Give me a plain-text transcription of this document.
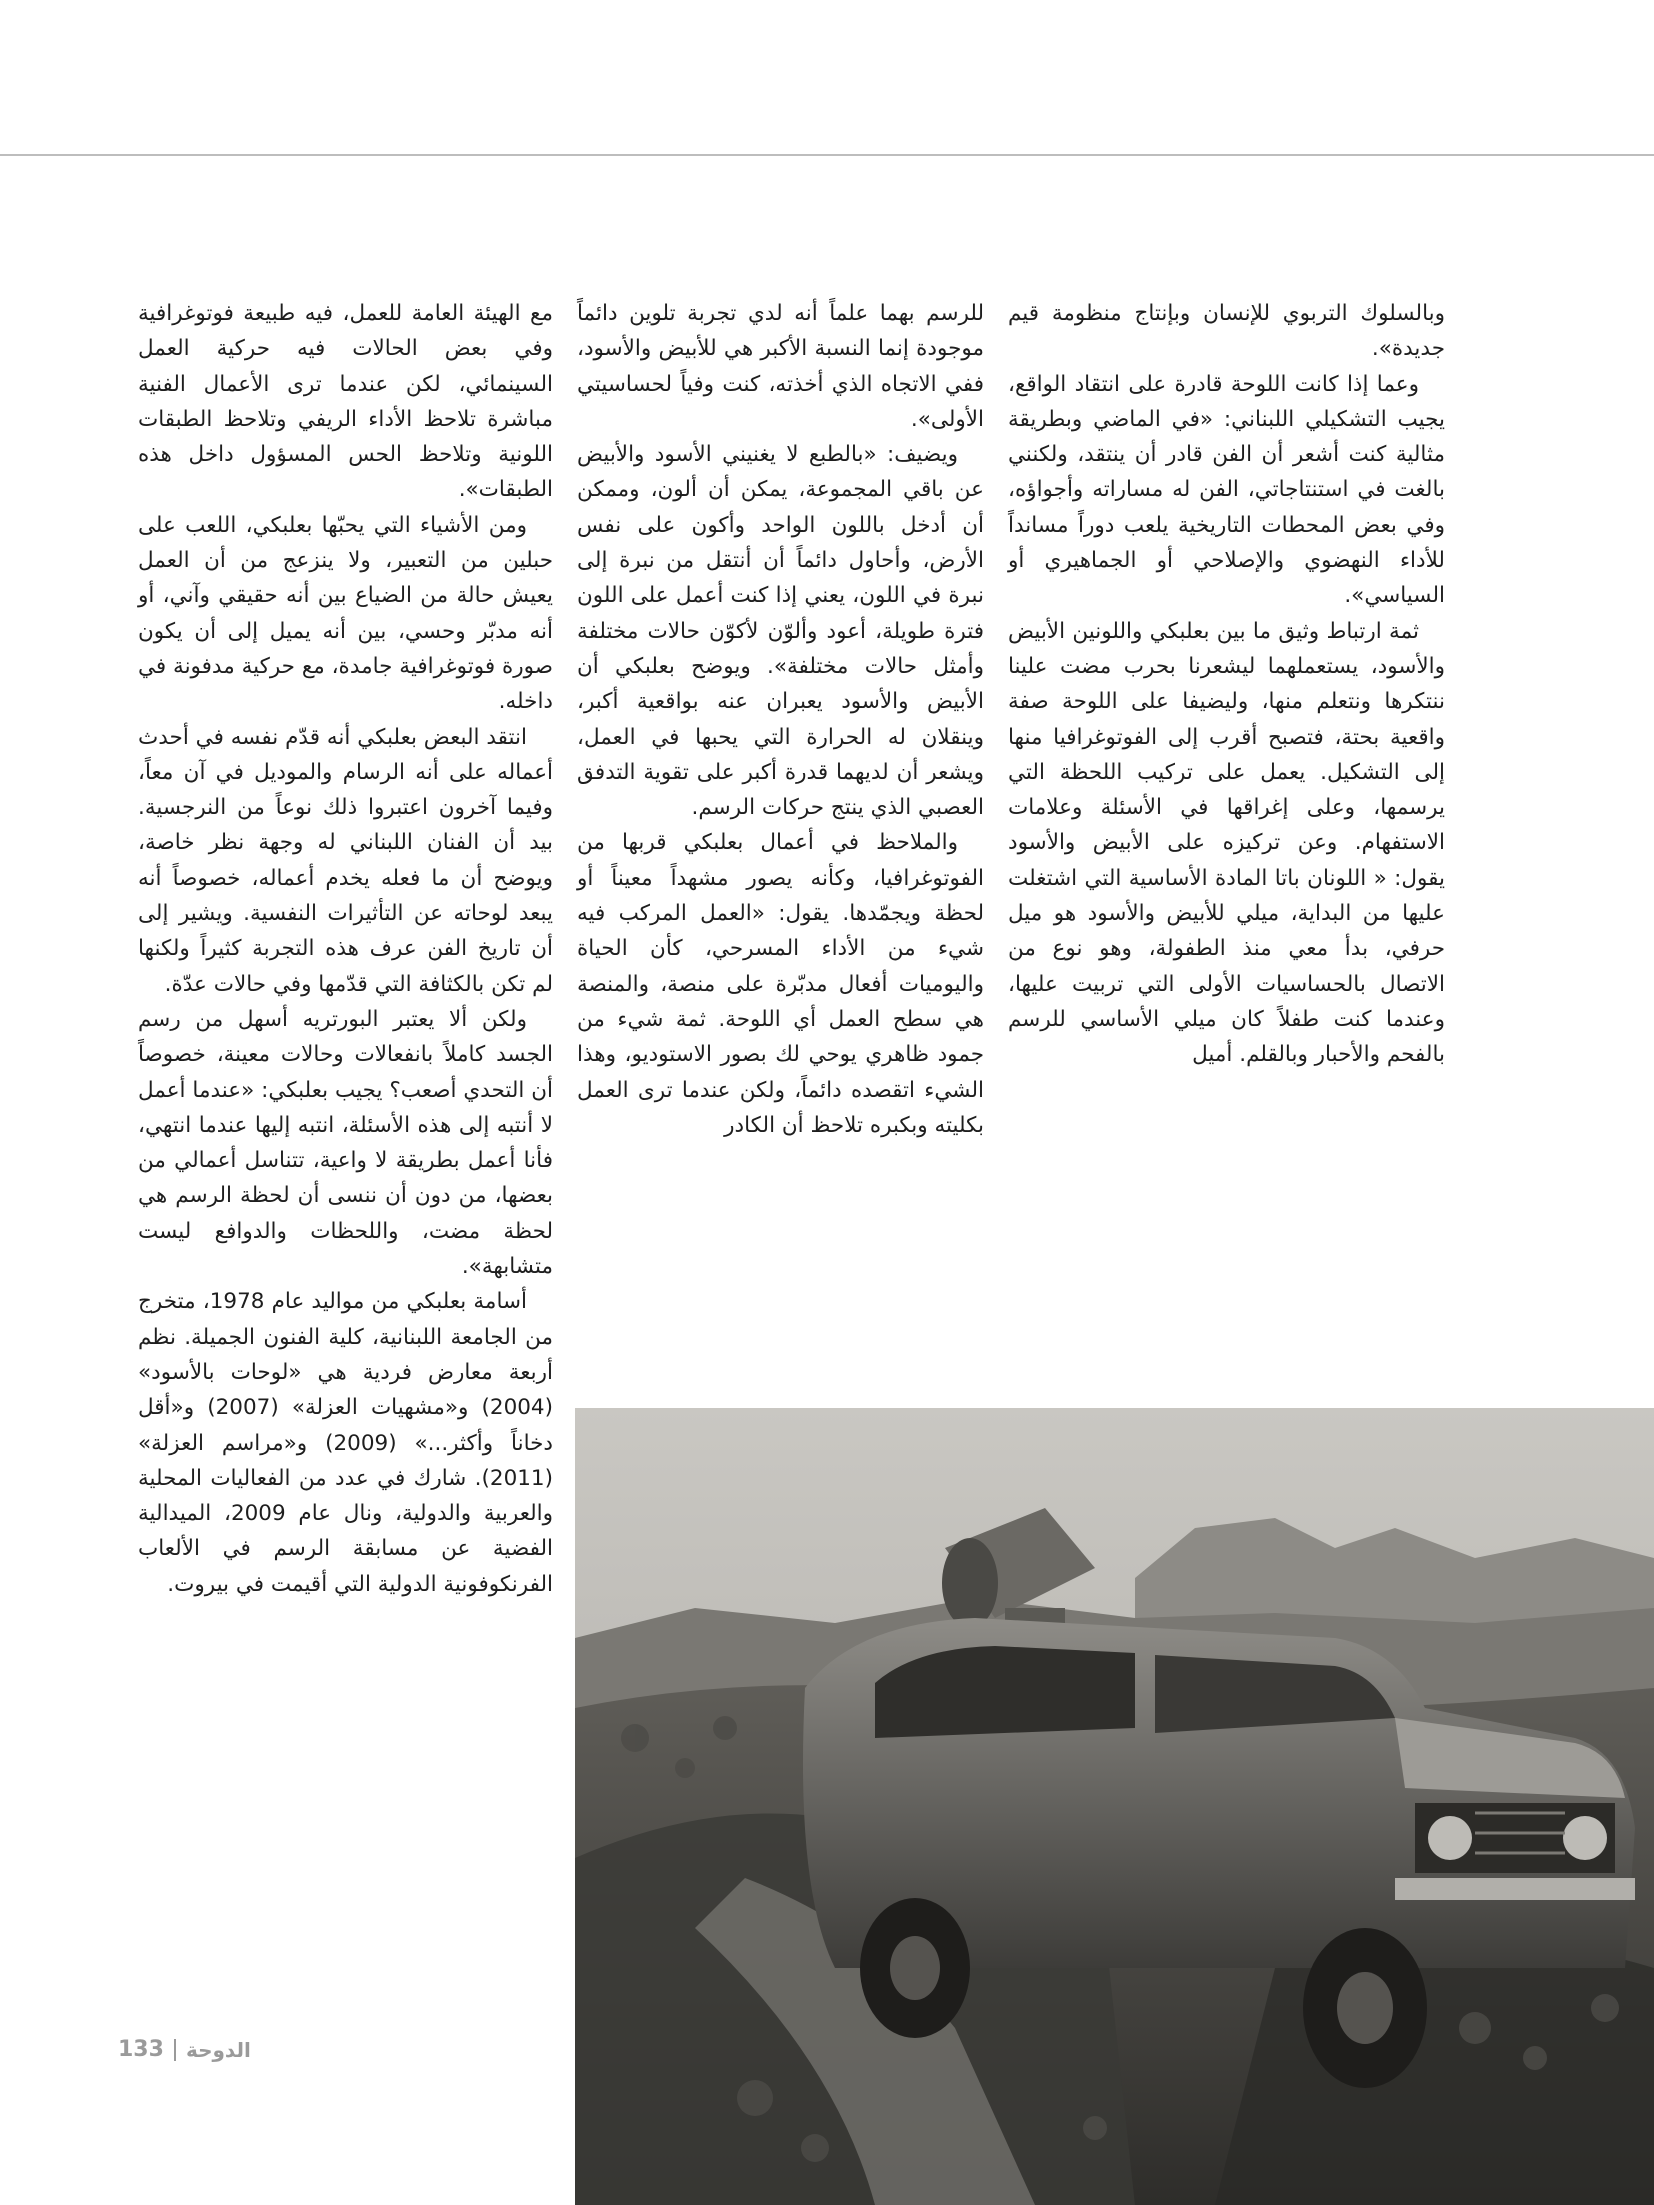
وبالسلوك التربوي للإنسان وبإنتاج منظومة قيم جديدة».

وعما إذا كانت اللوحة قادرة على انتقاد الواقع، يجيب التشكيلي اللبناني: «في الماضي وبطريقة مثالية كنت أشعر أن الفن قادر أن ينتقد، ولكنني بالغت في استنتاجاتي، الفن له مساراته وأجواؤه، وفي بعض المحطات التاريخية يلعب دوراً مسانداً للأداء النهضوي والإصلاحي أو الجماهيري أو السياسي».

ثمة ارتباط وثيق ما بين بعلبكي واللونين الأبيض والأسود، يستعملهما ليشعرنا بحرب مضت علينا ننتكرها ونتعلم منها، وليضيفا على اللوحة صفة واقعية بحتة، فتصبح أقرب إلى الفوتوغرافيا منها إلى التشكيل. يعمل على تركيب اللحظة التي يرسمها، وعلى إغراقها في الأسئلة وعلامات الاستفهام. وعن تركيزه على الأبيض والأسود يقول: « اللونان باتا المادة الأساسية التي اشتغلت عليها من البداية، ميلي للأبيض والأسود هو ميل حرفي، بدأ معي منذ الطفولة، وهو نوع من الاتصال بالحساسيات الأولى التي تربيت عليها، وعندما كنت طفلاً كان ميلي الأساسي للرسم بالفحم والأحبار وبالقلم. أميل

للرسم بهما علماً أنه لدي تجربة تلوين دائماً موجودة إنما النسبة الأكبر هي للأبيض والأسود، ففي الاتجاه الذي أخذته، كنت وفياً لحساسيتي الأولى».

ويضيف: «بالطبع لا يغنيني الأسود والأبيض عن باقي المجموعة، يمكن أن ألون، وممكن أن أدخل باللون الواحد وأكون على نفس الأرض، وأحاول دائماً أن أنتقل من نبرة إلى نبرة في اللون، يعني إذا كنت أعمل على اللون فترة طويلة، أعود وألوّن لأكوّن حالات مختلفة وأمثل حالات مختلفة». ويوضح بعلبكي أن الأبيض والأسود يعبران عنه بواقعية أكبر، وينقلان له الحرارة التي يحبها في العمل، ويشعر أن لديهما قدرة أكبر على تقوية التدفق العصبي الذي ينتج حركات الرسم.

والملاحظ في أعمال بعلبكي قربها من الفوتوغرافيا، وكأنه يصور مشهداً معيناً أو لحظة ويجمّدها. يقول: «العمل المركب فيه شيء من الأداء المسرحي، كأن الحياة واليوميات أفعال مدبّرة على منصة، والمنصة هي سطح العمل أي اللوحة. ثمة شيء من جمود ظاهري يوحي لك بصور الاستوديو، وهذا الشيء اتقصده دائماً، ولكن عندما ترى العمل بكليته وبكبره تلاحظ أن الكادر

مع الهيئة العامة للعمل، فيه طبيعة فوتوغرافية وفي بعض الحالات فيه حركية العمل السينمائي، لكن عندما ترى الأعمال الفنية مباشرة تلاحظ الأداء الريفي وتلاحظ الطبقات اللونية وتلاحظ الحس المسؤول داخل هذه الطبقات».

ومن الأشياء التي يحبّها بعلبكي، اللعب على حبلين من التعبير، ولا ينزعج من أن العمل يعيش حالة من الضياع بين أنه حقيقي وآني، أو أنه مدبّر وحسي، بين أنه يميل إلى أن يكون صورة فوتوغرافية جامدة، مع حركية مدفونة في داخله.

انتقد البعض بعلبكي أنه قدّم نفسه في أحدث أعماله على أنه الرسام والموديل في آن معاً، وفيما آخرون اعتبروا ذلك نوعاً من النرجسية. بيد أن الفنان اللبناني له وجهة نظر خاصة، ويوضح أن ما فعله يخدم أعماله، خصوصاً أنه يبعد لوحاته عن التأثيرات النفسية. ويشير إلى أن تاريخ الفن عرف هذه التجربة كثيراً ولكنها لم تكن بالكثافة التي قدّمها وفي حالات عدّة.

ولكن ألا يعتبر البورتريه أسهل من رسم الجسد كاملاً بانفعالات وحالات معينة، خصوصاً أن التحدي أصعب؟ يجيب بعلبكي: «عندما أعمل لا أنتبه إلى هذه الأسئلة، انتبه إليها عندما انتهي، فأنا أعمل بطريقة لا واعية، تتناسل أعمالي من بعضها، من دون أن ننسى أن لحظة الرسم هي لحظة مضت، واللحظات والدوافع ليست متشابهة».

أسامة بعلبكي من مواليد عام 1978، متخرج من الجامعة اللبنانية، كلية الفنون الجميلة. نظم أربعة معارض فردية هي «لوحات بالأسود» (2004) و«مشهيات العزلة» (2007) و«أقل دخاناً وأكثر...» (2009) و«مراسم العزلة» (2011). شارك في عدد من الفعاليات المحلية والعربية والدولية، ونال عام 2009، الميدالية الفضية عن مسابقة الرسم في الألعاب الفرنكوفونية الدولية التي أقيمت في بيروت.

133 الدوحة
